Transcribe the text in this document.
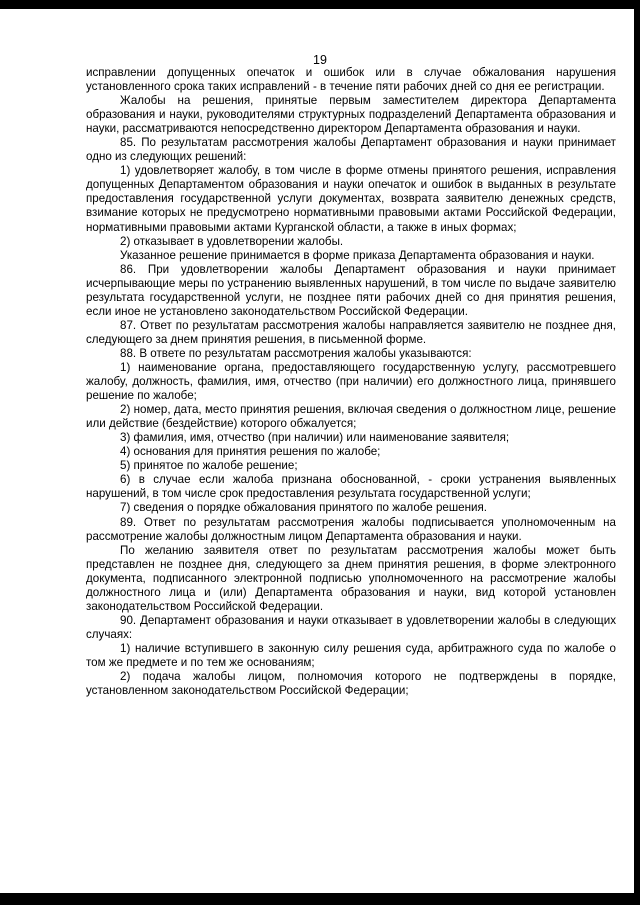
19

исправлении допущенных опечаток и ошибок или в случае обжалования нарушения установленного срока таких исправлений - в течение пяти рабочих дней со дня ее регистрации.

Жалобы на решения, принятые первым заместителем директора Департамента образования и науки, руководителями структурных подразделений Департамента образования и науки, рассматриваются непосредственно директором Департамента образования и науки.

85. По результатам рассмотрения жалобы Департамент образования и науки принимает одно из следующих решений:

1) удовлетворяет жалобу, в том числе в форме отмены принятого решения, исправления допущенных Департаментом образования и науки опечаток и ошибок в выданных в результате предоставления государственной услуги документах, возврата заявителю денежных средств, взимание которых не предусмотрено нормативными правовыми актами Российской Федерации, нормативными правовыми актами Курганской области, а также в иных формах;

2) отказывает в удовлетворении жалобы.

Указанное решение принимается в форме приказа Департамента образования и науки.

86. При удовлетворении жалобы Департамент образования и науки принимает исчерпывающие меры по устранению выявленных нарушений, в том числе по выдаче заявителю результата государственной услуги, не позднее пяти рабочих дней со дня принятия решения, если иное не установлено законодательством Российской Федерации.

87. Ответ по результатам рассмотрения жалобы направляется заявителю не позднее дня, следующего за днем принятия решения, в письменной форме.

88. В ответе по результатам рассмотрения жалобы указываются:

1) наименование органа, предоставляющего государственную услугу, рассмотревшего жалобу, должность, фамилия, имя, отчество (при наличии) его должностного лица, принявшего решение по жалобе;

2) номер, дата, место принятия решения, включая сведения о должностном лице, решение или действие (бездействие) которого обжалуется;

3) фамилия, имя, отчество (при наличии) или наименование заявителя;

4) основания для принятия решения по жалобе;

5) принятое по жалобе решение;

6) в случае если жалоба признана обоснованной, - сроки устранения выявленных нарушений, в том числе срок предоставления результата государственной услуги;

7) сведения о порядке обжалования принятого по жалобе решения.

89. Ответ по результатам рассмотрения жалобы подписывается уполномоченным на рассмотрение жалобы должностным лицом Департамента образования и науки.

По желанию заявителя ответ по результатам рассмотрения жалобы может быть представлен не позднее дня, следующего за днем принятия решения, в форме электронного документа, подписанного электронной подписью уполномоченного на рассмотрение жалобы должностного лица и (или) Департамента образования и науки, вид которой установлен законодательством Российской Федерации.

90. Департамент образования и науки отказывает в удовлетворении жалобы в следующих случаях:

1) наличие вступившего в законную силу решения суда, арбитражного суда по жалобе о том же предмете и по тем же основаниям;

2) подача жалобы лицом, полномочия которого не подтверждены в порядке, установленном законодательством Российской Федерации;
